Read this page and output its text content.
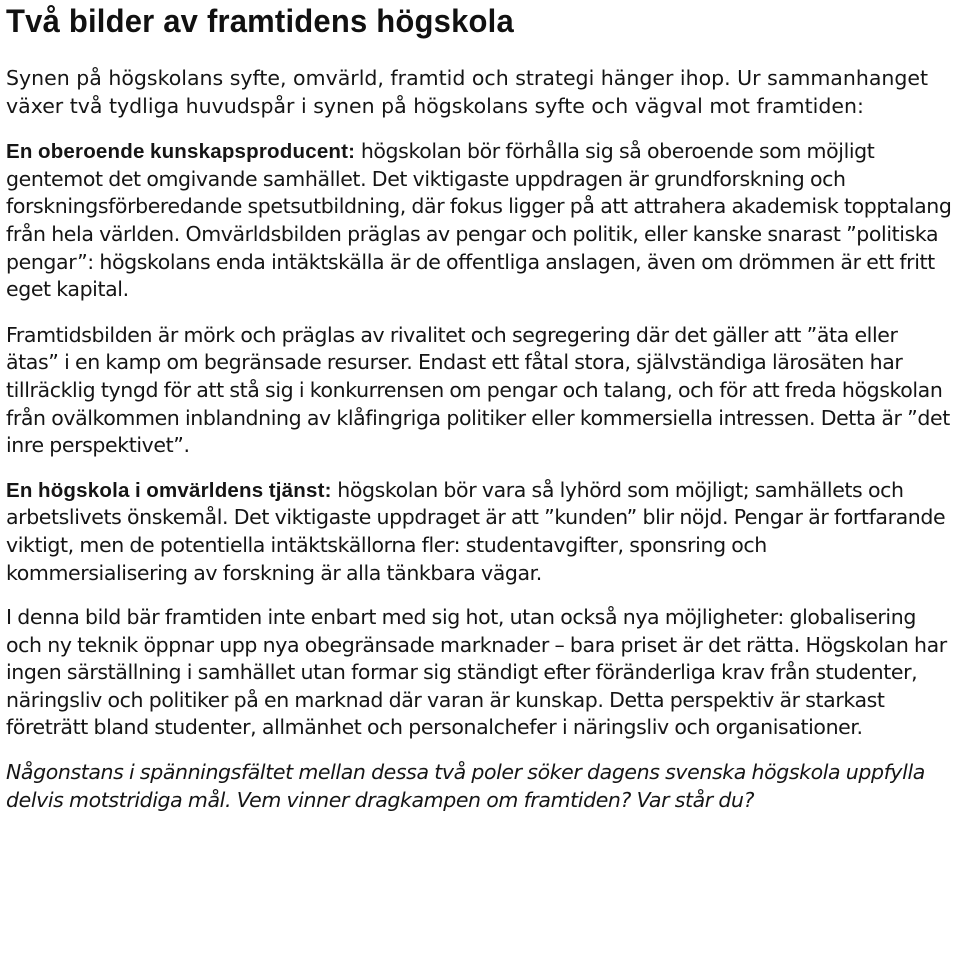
Två bilder av framtidens högskola

Synen på högskolans syfte, omvärld, framtid och strategi hänger ihop. Ur sammanhanget växer två tydliga huvudspår i synen på högskolans syfte och vägval mot framtiden:

En oberoende kunskapsproducent: högskolan bör förhålla sig så oberoende som möjligt gentemot det omgivande samhället. Det viktigaste uppdragen är grundforskning och forskningsförberedande spetsutbildning, där fokus ligger på att attrahera akademisk topptalang från hela världen. Omvärldsbilden präglas av pengar och politik, eller kanske snarast ”politiska pengar”: högskolans enda intäktskälla är de offentliga anslagen, även om drömmen är ett fritt eget kapital.

Framtidsbilden är mörk och präglas av rivalitet och segregering där det gäller att ”äta eller ätas” i en kamp om begränsade resurser. Endast ett fåtal stora, självständiga lärosäten har tillräcklig tyngd för att stå sig i konkurrensen om pengar och talang, och för att freda högskolan från ovälkommen inblandning av klåfingriga politiker eller kommersiella intressen. Detta är ”det inre perspektivet”.

En högskola i omvärldens tjänst: högskolan bör vara så lyhörd som möjligt; samhällets och arbetslivets önskemål. Det viktigaste uppdraget är att ”kunden” blir nöjd. Pengar är fortfarande viktigt, men de potentiella intäktskällorna fler: studentavgifter, sponsring och kommersialisering av forskning är alla tänkbara vägar.

I denna bild bär framtiden inte enbart med sig hot, utan också nya möjligheter: globalisering och ny teknik öppnar upp nya obegränsade marknader – bara priset är det rätta. Högskolan har ingen särställning i samhället utan formar sig ständigt efter föränderliga krav från studenter, näringsliv och politiker på en marknad där varan är kunskap. Detta perspektiv är starkast företrätt bland studenter, allmänhet och personalchefer i näringsliv och organisationer.

Någonstans i spänningsfältet mellan dessa två poler söker dagens svenska högskola uppfylla delvis motstridiga mål. Vem vinner dragkampen om framtiden? Var står du?
